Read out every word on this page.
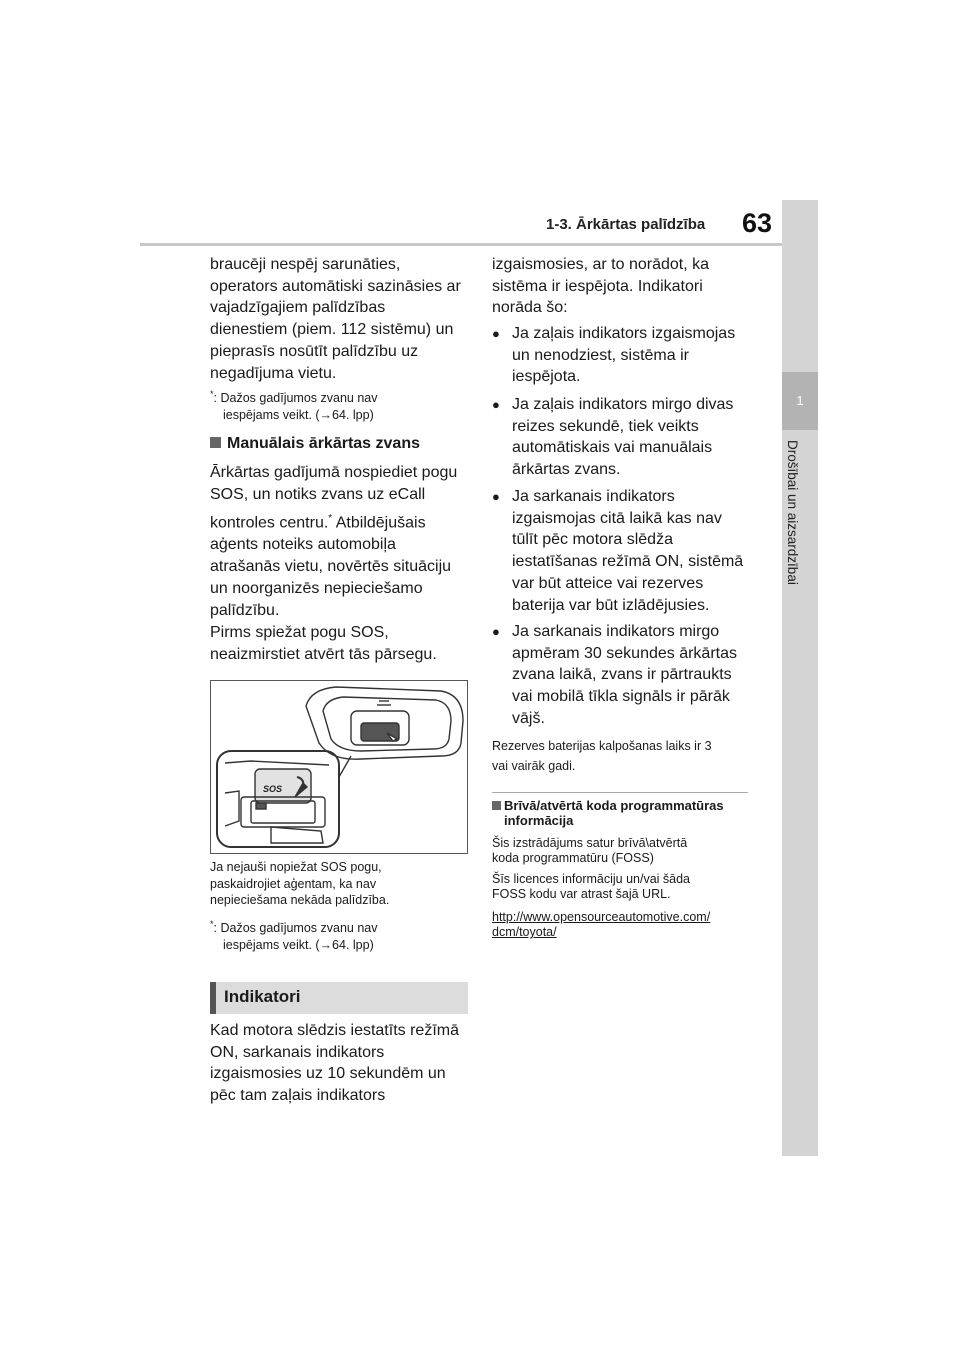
1-3. Ārkārtas palīdzība 63
1
Drošībai un aizsardzībai
braucēji nespēj sarunāties,
operators automātiski sazināsies ar
vajadzīgajiem palīdzības
dienestiem (piem. 112 sistēmu) un
pieprasīs nosūtīt palīdzību uz
negadījuma vietu.
*: Dažos gadījumos zvanu nav
iespējams veikt. (→64. lpp)
Manuālais ārkārtas zvans
Ārkārtas gadījumā nospiediet pogu
SOS, un notiks zvans uz eCall
kontroles centru.* Atbildējušais
aģents noteiks automobiļa
atrašanās vietu, novērtēs situāciju
un noorganizēs nepieciešamo
palīdzību.
Pirms spiežat pogu SOS,
neaizmirstiet atvērt tās pārsegu.
SOS
Ja nejauši nopiežat SOS pogu,
paskaidrojiet aģentam, ka nav
nepieciešama nekāda palīdzība.
*: Dažos gadījumos zvanu nav
iespējams veikt. (→64. lpp)
Indikatori
Kad motora slēdzis iestatīts režīmā
ON, sarkanais indikators
izgaismosies uz 10 sekundēm un
pēc tam zaļais indikators
izgaismosies, ar to norādot, ka
sistēma ir iespējota. Indikatori
norāda šo:
● Ja zaļais indikators izgaismojas
un nenodziest, sistēma ir
iespējota.
● Ja zaļais indikators mirgo divas
reizes sekundē, tiek veikts
automātiskais vai manuālais
ārkārtas zvans.
● Ja sarkanais indikators
izgaismojas citā laikā kas nav
tūlīt pēc motora slēdža
iestatīšanas režīmā ON, sistēmā
var būt atteice vai rezerves
baterija var būt izlādējusies.
● Ja sarkanais indikators mirgo
apmēram 30 sekundes ārkārtas
zvana laikā, zvans ir pārtraukts
vai mobilā tīkla signāls ir pārāk
vājš.
Rezerves baterijas kalpošanas laiks ir 3
vai vairāk gadi.
Brīvā/atvērtā koda programmatūras
informācija
Šis izstrādājums satur brīvā\atvērtā
koda programmatūru (FOSS)
Šīs licences informāciju un/vai šāda
FOSS kodu var atrast šajā URL.
http://www.opensourceautomotive.com/
dcm/toyota/
